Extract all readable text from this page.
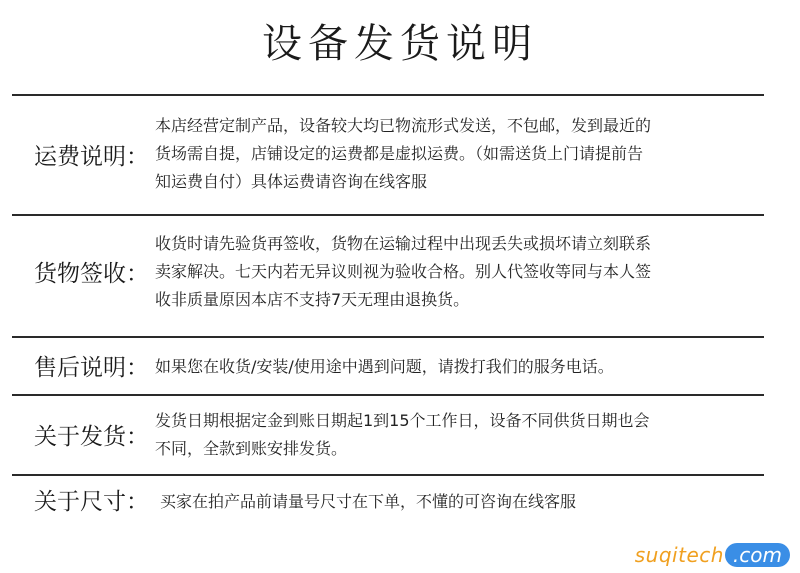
设备发货说明
运费说明：

本店经营定制产品，设备较大均已物流形式发送，不包邮，发到最近的

货场需自提，店铺设定的运费都是虚拟运费。（如需送货上门请提前告

知运费自付）具体运费请咨询在线客服

货物签收：

收货时请先验货再签收，货物在运输过程中出现丢失或损坏请立刻联系

卖家解决。七天内若无异议则视为验收合格。别人代签收等同与本人签

收非质量原因本店不支持7天无理由退换货。

售后说明： 如果您在收货/安装/使用途中遇到问题，请拨打我们的服务电话。

关于发货：

发货日期根据定金到账日期起1到15个工作日，设备不同供货日期也会

不同，全款到账安排发货。

关于尺寸： 买家在拍产品前请量号尺寸在下单，不懂的可咨询在线客服

suqitech .com
